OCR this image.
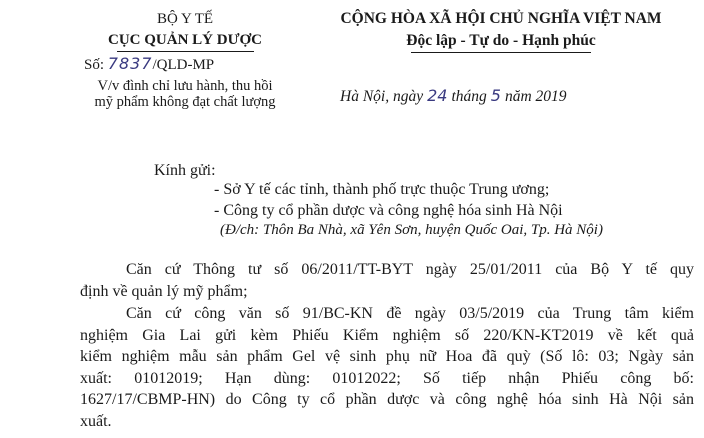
BỘ Y TẾ
CỤC QUẢN LÝ DƯỢC
Số: 7837/QLD-MP
V/v đình chỉ lưu hành, thu hồi
mỹ phẩm không đạt chất lượng
CỘNG HÒA XÃ HỘI CHỦ NGHĨA VIỆT NAM
Độc lập - Tự do - Hạnh phúc
Hà Nội, ngày 24 tháng 5 năm 2019
Kính gửi:
- Sở Y tế các tỉnh, thành phố trực thuộc Trung ương;
- Công ty cổ phần dược và công nghệ hóa sinh Hà Nội
(Đ/ch: Thôn Ba Nhà, xã Yên Sơn, huyện Quốc Oai, Tp. Hà Nội)
Căn cứ Thông tư số 06/2011/TT-BYT ngày 25/01/2011 của Bộ Y tế quy
định về quản lý mỹ phẩm;
Căn cứ công văn số 91/BC-KN đề ngày 03/5/2019 của Trung tâm kiểm
nghiệm Gia Lai gửi kèm Phiếu Kiểm nghiệm số 220/KN-KT2019 về kết quả
kiểm nghiệm mẫu sản phẩm Gel vệ sinh phụ nữ Hoa đã quỳ (Số lô: 03; Ngày sản
xuất: 01012019; Hạn dùng: 01012022; Số tiếp nhận Phiếu công bố:
1627/17/CBMP-HN) do Công ty cổ phần dược và công nghệ hóa sinh Hà Nội sản
xuất.
